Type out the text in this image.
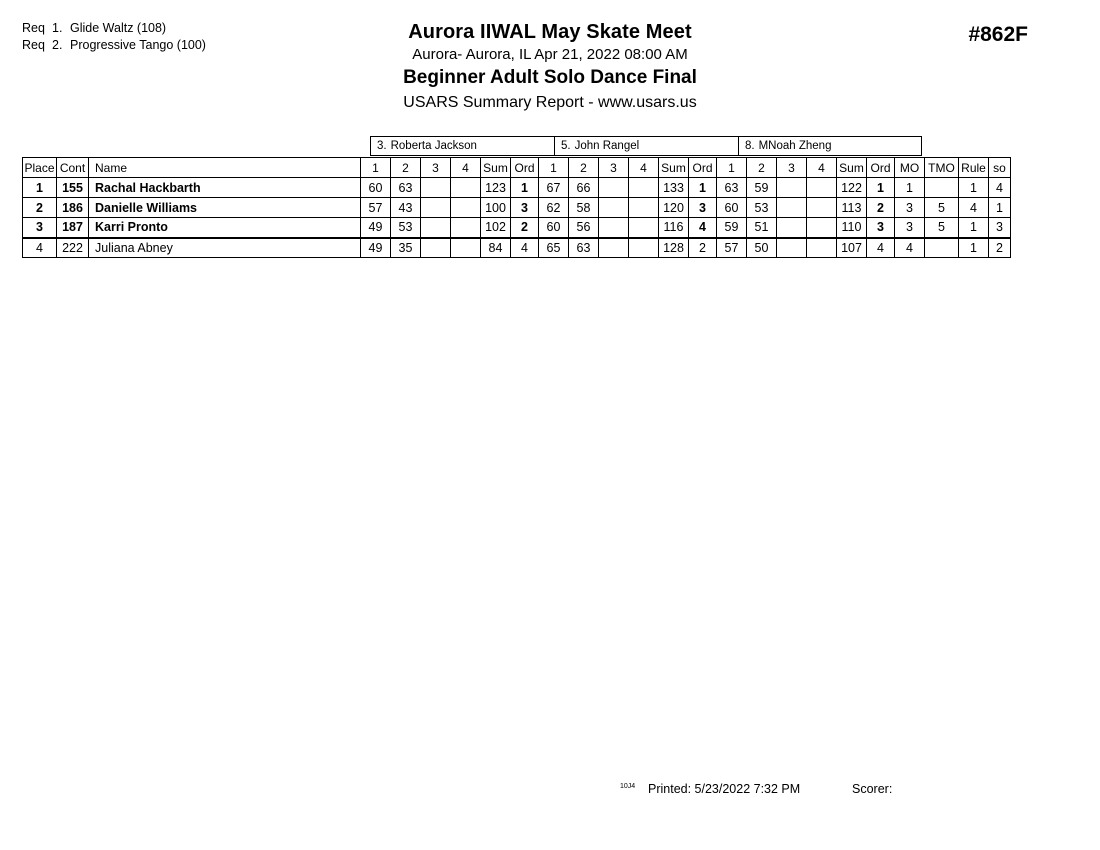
Req 1. Glide Waltz (108)
Req 2. Progressive Tango (100)
Aurora IIWAL May Skate Meet
Aurora- Aurora, IL Apr 21, 2022 08:00 AM
Beginner Adult Solo Dance Final
USARS Summary Report - www.usars.us
#862F
3. Roberta Jackson	5. John Rangel	8. MNoah Zheng
Place	Cont	Name	1	2	3	4	Sum	Ord	1	2	3	4	Sum	Ord	1	2	3	4	Sum	Ord	MO	TMO	Rule	so
1	155	Rachal Hackbarth	60	63			123	1	67	66			133	1	63	59			122	1	1		1	4
2	186	Danielle Williams	57	43			100	3	62	58			120	3	60	53			113	2	3	5	4	1
3	187	Karri Pronto	49	53			102	2	60	56			116	4	59	51			110	3	3	5	1	3
4	222	Juliana Abney	49	35			84	4	65	63			128	2	57	50			107	4	4		1	2
10J4 Printed: 5/23/2022 7:32 PM	Scorer:
